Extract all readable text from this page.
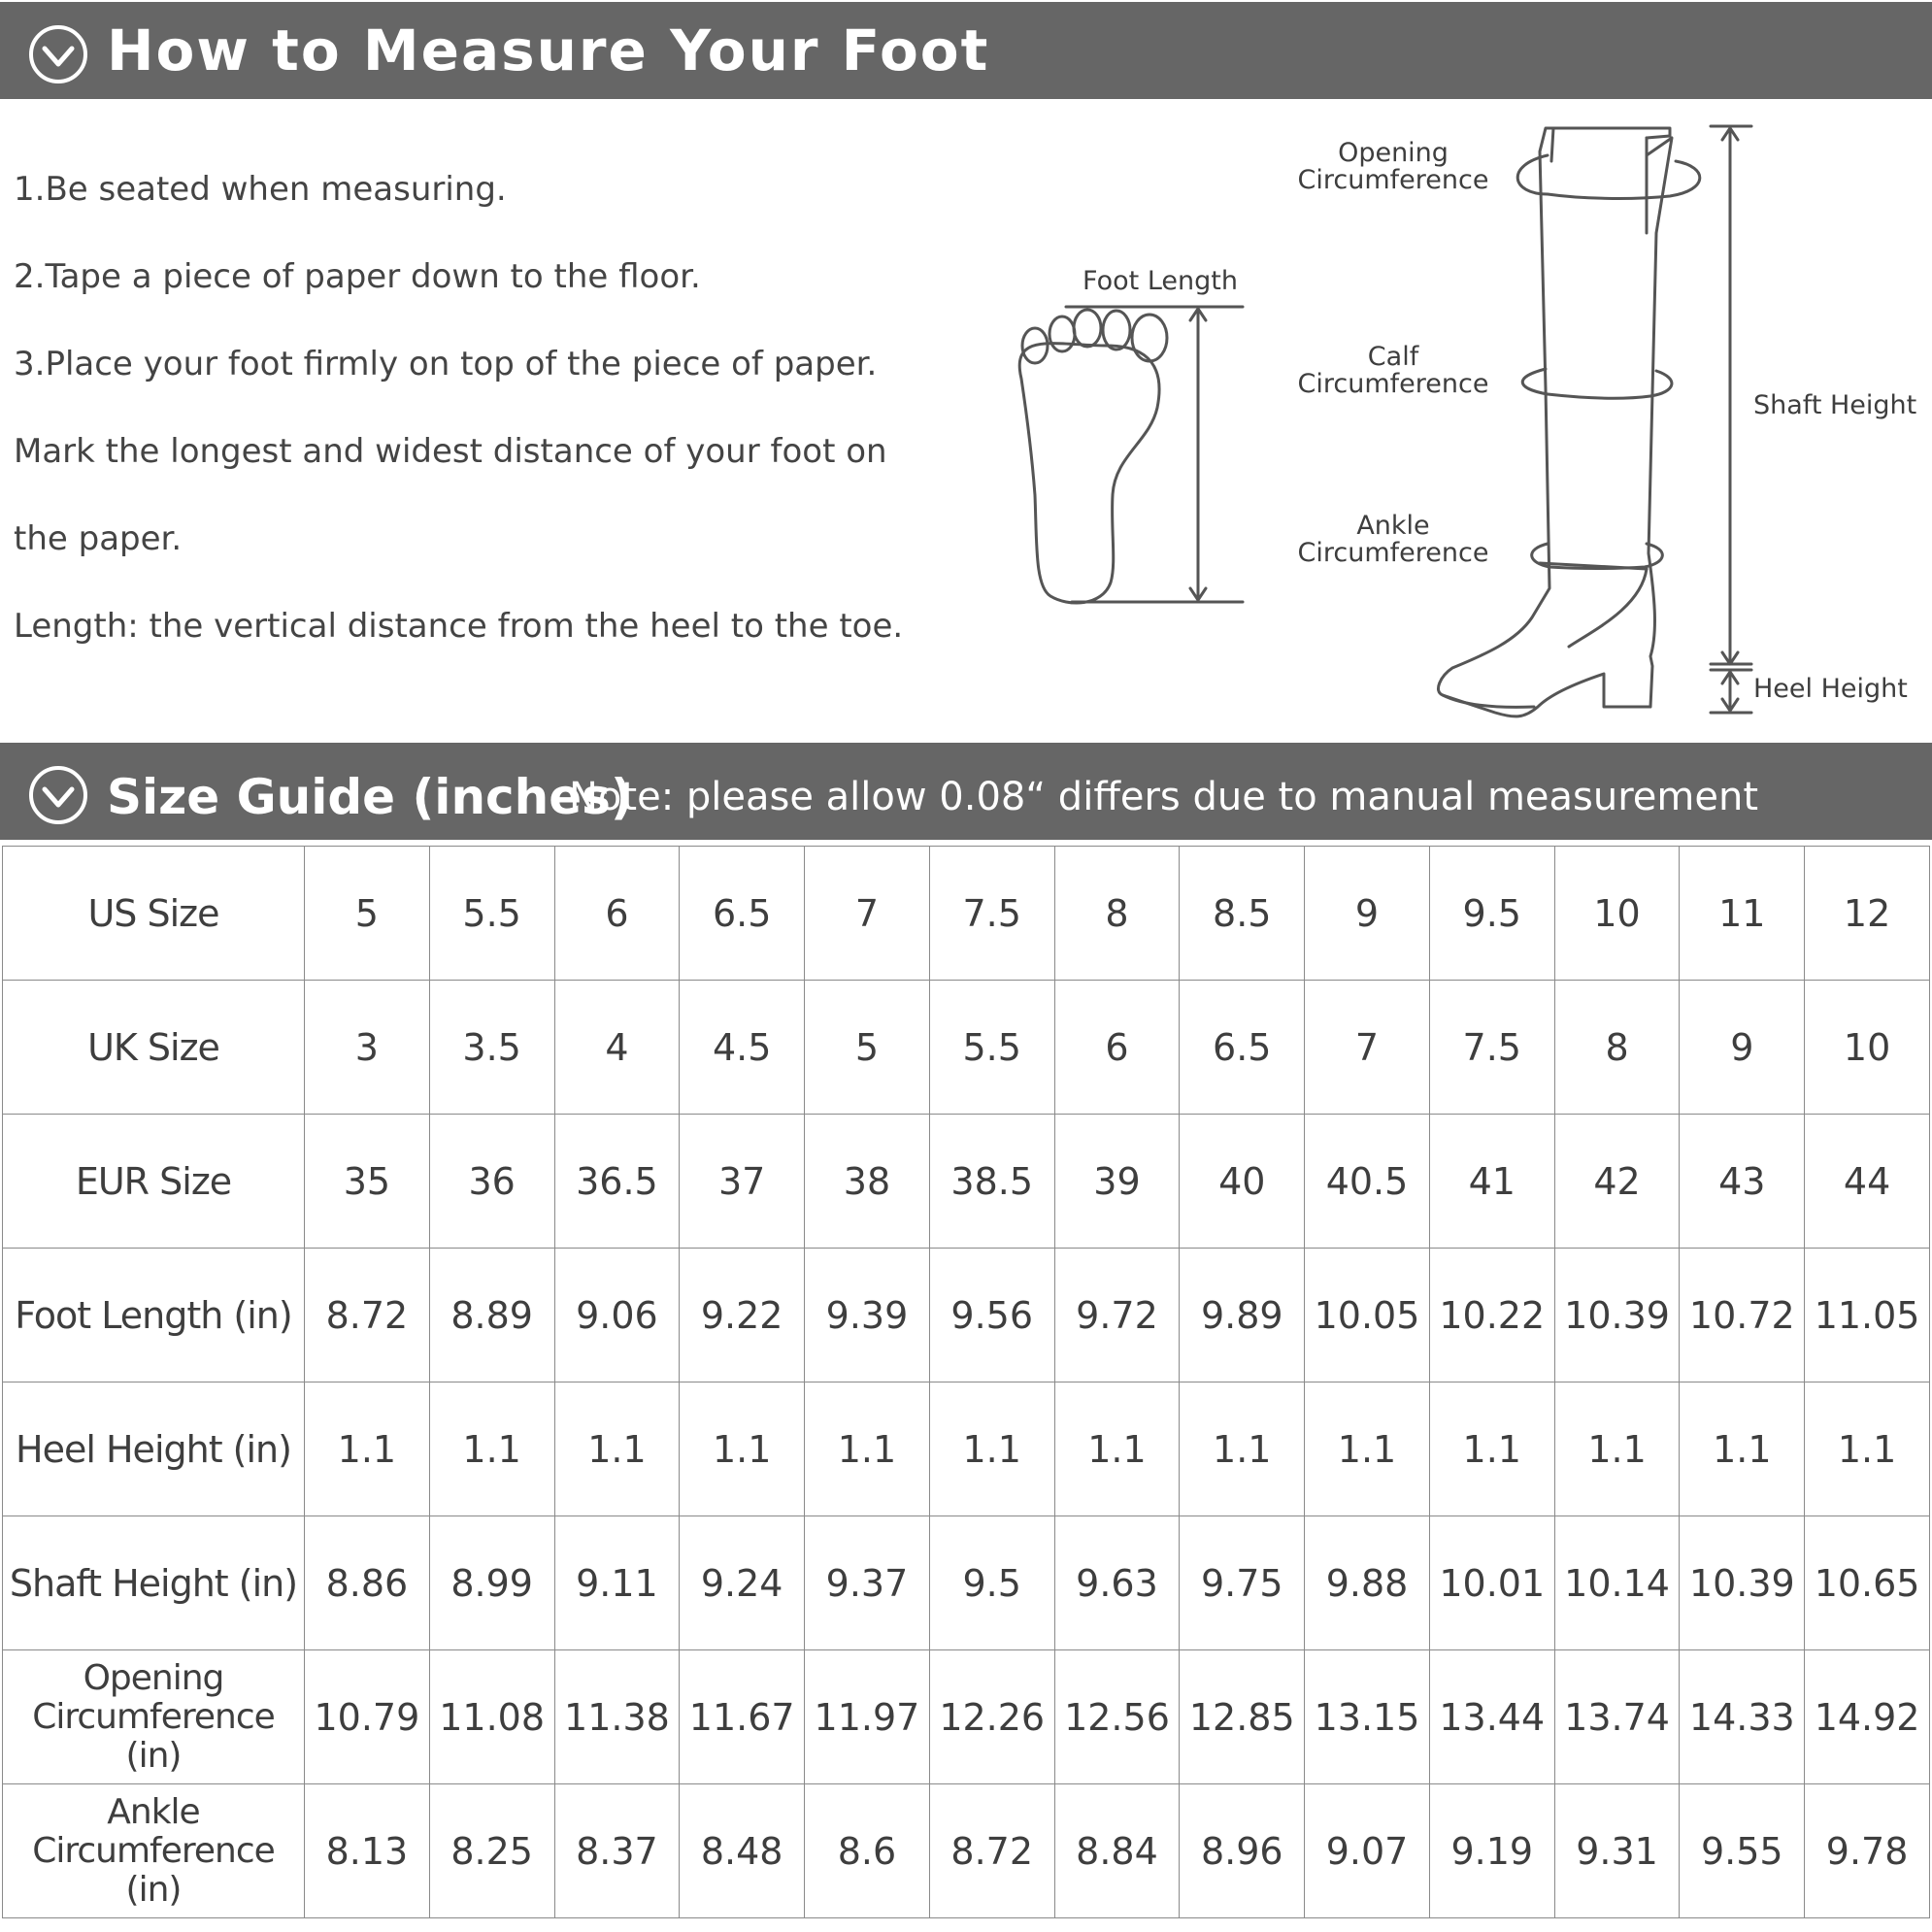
How to Measure Your Foot

1.Be seated when measuring.

2.Tape a piece of paper down to the floor.

3.Place your foot firmly on top of the piece of paper.

Mark the longest and widest distance of your foot on

the paper.

Length: the vertical distance from the heel to the toe.

Foot Length
Opening
Circumference
Calf
Circumference
Ankle
Circumference
Shaft Height
Heel Height
Size Guide (inches)
Note: please allow 0.08“ differs due to manual measurement
US Size	5	5.5	6	6.5	7	7.5	8	8.5	9	9.5	10	11	12
UK Size	3	3.5	4	4.5	5	5.5	6	6.5	7	7.5	8	9	10
EUR Size	35	36	36.5	37	38	38.5	39	40	40.5	41	42	43	44
Foot Length (in)	8.72	8.89	9.06	9.22	9.39	9.56	9.72	9.89	10.05	10.22	10.39	10.72	11.05
Heel Height (in)	1.1	1.1	1.1	1.1	1.1	1.1	1.1	1.1	1.1	1.1	1.1	1.1	1.1
Shaft Height (in)	8.86	8.99	9.11	9.24	9.37	9.5	9.63	9.75	9.88	10.01	10.14	10.39	10.65

Opening
Circumference (in)	10.79	11.08	11.38	11.67	11.97	12.26	12.56	12.85	13.15	13.44	13.74	14.33	14.92

Ankle
Circumference (in)	8.13	8.25	8.37	8.48	8.6	8.72	8.84	8.96	9.07	9.19	9.31	9.55	9.78
